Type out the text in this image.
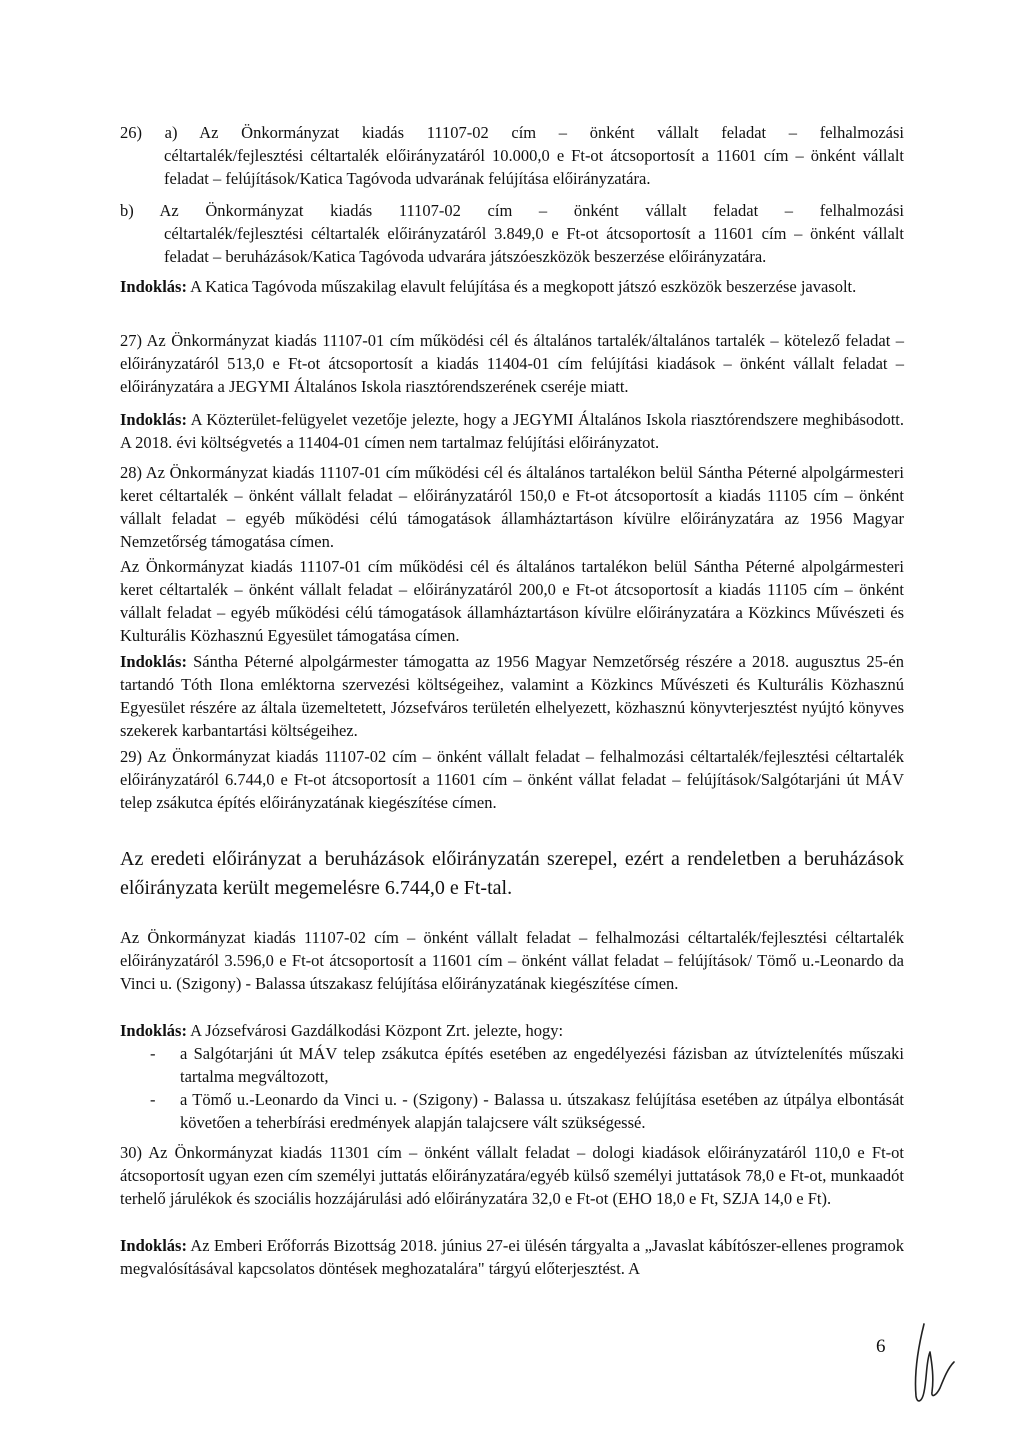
26) a) Az Önkormányzat kiadás 11107-02 cím – önként vállalt feladat – felhalmozási

céltartalék/fejlesztési céltartalék előirányzatáról 10.000,0 e Ft-ot átcsoportosít a 11601 cím – önként vállalt feladat – felújítások/Katica Tagóvoda udvarának felújítása előirányzatára.

b) Az Önkormányzat kiadás 11107-02 cím – önként vállalt feladat – felhalmozási

céltartalék/fejlesztési céltartalék előirányzatáról 3.849,0 e Ft-ot átcsoportosít a 11601 cím – önként vállalt feladat – beruházások/Katica Tagóvoda udvarára játszóeszközök beszerzése előirányzatára.

Indoklás: A Katica Tagóvoda műszakilag elavult felújítása és a megkopott játszó eszközök beszerzése javasolt.

27) Az Önkormányzat kiadás 11107-01 cím működési cél és általános tartalék/általános tartalék – kötelező feladat – előirányzatáról 513,0 e Ft-ot átcsoportosít a kiadás 11404-01 cím felújítási kiadások – önként vállalt feladat – előirányzatára a JEGYMI Általános Iskola riasztórendszerének cseréje miatt.

Indoklás: A Közterület-felügyelet vezetője jelezte, hogy a JEGYMI Általános Iskola riasztórendszere meghibásodott. A 2018. évi költségvetés a 11404-01 címen nem tartalmaz felújítási előirányzatot.

28) Az Önkormányzat kiadás 11107-01 cím működési cél és általános tartalékon belül Sántha Péterné alpolgármesteri keret céltartalék – önként vállalt feladat – előirányzatáról 150,0 e Ft-ot átcsoportosít a kiadás 11105 cím – önként vállalt feladat – egyéb működési célú támogatások államháztartáson kívülre előirányzatára az 1956 Magyar Nemzetőrség támogatása címen.

Az Önkormányzat kiadás 11107-01 cím működési cél és általános tartalékon belül Sántha Péterné alpolgármesteri keret céltartalék – önként vállalt feladat – előirányzatáról 200,0 e Ft-ot átcsoportosít a kiadás 11105 cím – önként vállalt feladat – egyéb működési célú támogatások államháztartáson kívülre előirányzatára a Közkincs Művészeti és Kulturális Közhasznú Egyesület támogatása címen.

Indoklás: Sántha Péterné alpolgármester támogatta az 1956 Magyar Nemzetőrség részére a 2018. augusztus 25-én tartandó Tóth Ilona emléktorna szervezési költségeihez, valamint a Közkincs Művészeti és Kulturális Közhasznú Egyesület részére az általa üzemeltetett, Józsefváros területén elhelyezett, közhasznú könyvterjesztést nyújtó könyves szekerek karbantartási költségeihez.

29) Az Önkormányzat kiadás 11107-02 cím – önként vállalt feladat – felhalmozási céltartalék/fejlesztési céltartalék előirányzatáról 6.744,0 e Ft-ot átcsoportosít a 11601 cím – önként vállat feladat – felújítások/Salgótarjáni út MÁV telep zsákutca építés előirányzatának kiegészítése címen.

Az eredeti előirányzat a beruházások előirányzatán szerepel, ezért a rendeletben a beruházások előirányzata került megemelésre 6.744,0 e Ft-tal.

Az Önkormányzat kiadás 11107-02 cím – önként vállalt feladat – felhalmozási céltartalék/fejlesztési céltartalék előirányzatáról 3.596,0 e Ft-ot átcsoportosít a 11601 cím – önként vállat feladat – felújítások/ Tömő u.-Leonardo da Vinci u. (Szigony) - Balassa útszakasz felújítása előirányzatának kiegészítése címen.

Indoklás: A Józsefvárosi Gazdálkodási Központ Zrt. jelezte, hogy:

- a Salgótarjáni út MÁV telep zsákutca építés esetében az engedélyezési fázisban az útvíztelenítés műszaki tartalma megváltozott,
- a Tömő u.-Leonardo da Vinci u. - (Szigony) - Balassa u. útszakasz felújítása esetében az útpálya elbontását követően a teherbírási eredmények alapján talajcsere vált szükségessé.

30) Az Önkormányzat kiadás 11301 cím – önként vállalt feladat – dologi kiadások előirányzatáról 110,0 e Ft-ot átcsoportosít ugyan ezen cím személyi juttatás előirányzatára/egyéb külső személyi juttatások 78,0 e Ft-ot, munkaadót terhelő járulékok és szociális hozzájárulási adó előirányzatára 32,0 e Ft-ot (EHO 18,0 e Ft, SZJA 14,0 e Ft).

Indoklás: Az Emberi Erőforrás Bizottság 2018. június 27-ei ülésén tárgyalta a „Javaslat kábítószer-ellenes programok megvalósításával kapcsolatos döntések meghozatalára" tárgyú előterjesztést. A

6
